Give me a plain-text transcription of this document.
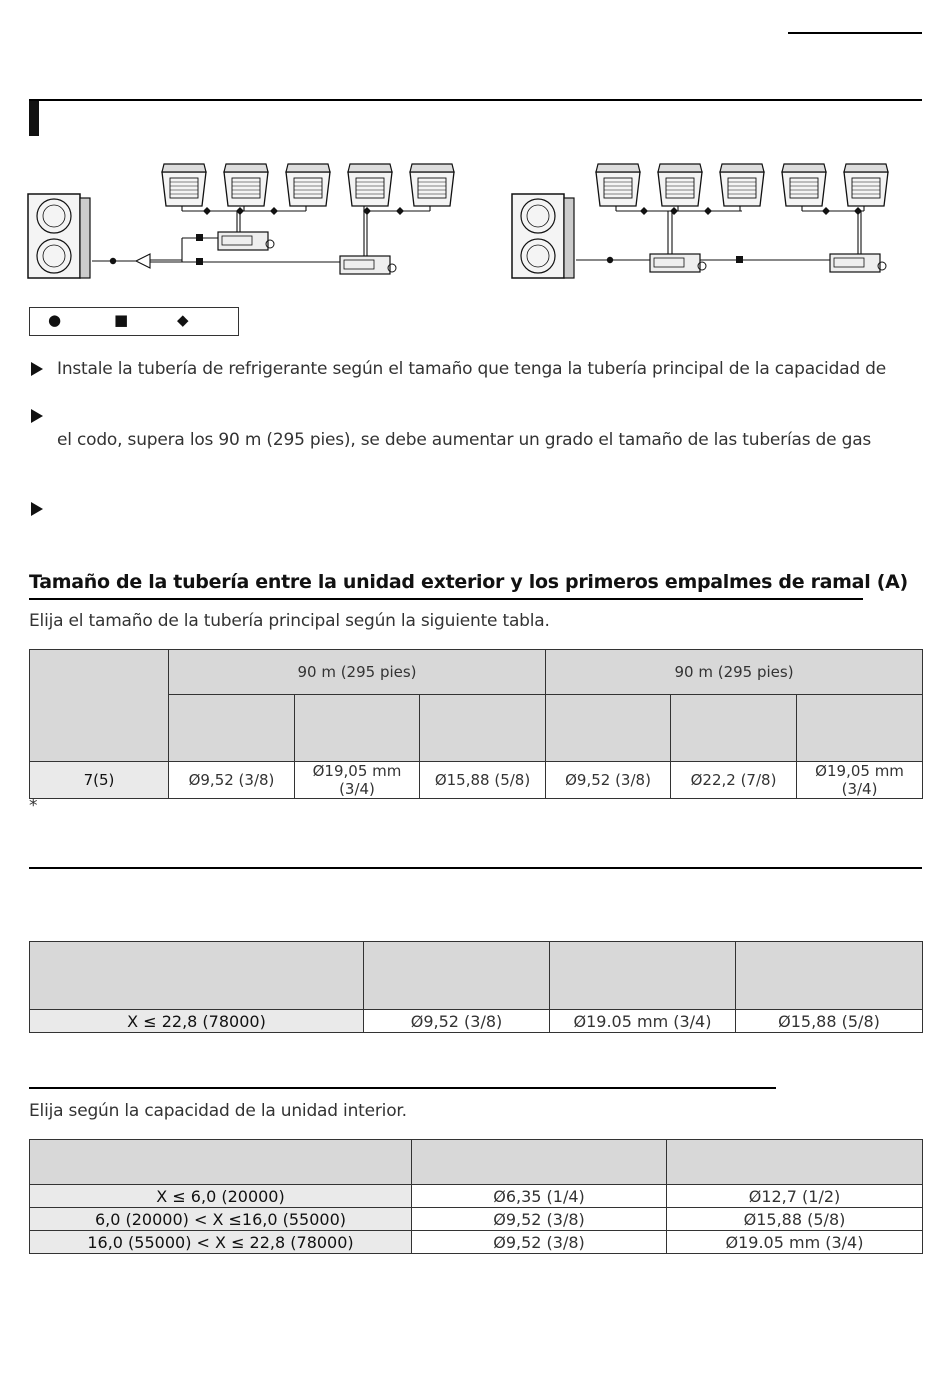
●	■	◆
Instale la tubería de refrigerante según el tamaño que tenga la tubería principal de la capacidad de
el codo, supera los 90 m (295 pies), se debe aumentar un grado el tamaño de las tuberías de gas
Tamaño de la tubería entre la unidad exterior y los primeros empalmes de ramal (A)
Elija el tamaño de la tubería principal según la siguiente tabla.
	90 m (295 pies)			90 m (295 pies)		

7(5)	Ø9,52 (3/8)	Ø19,05 mm (3/4)	Ø15,88 (5/8)	Ø9,52 (3/8)	Ø22,2 (7/8)	Ø19,05 mm (3/4)
*

X ≤ 22,8 (78000)	Ø9,52 (3/8)	Ø19.05 mm (3/4)	Ø15,88 (5/8)
Elija según la capacidad de la unidad interior.

X ≤ 6,0 (20000)	Ø6,35 (1/4)	Ø12,7 (1/2)
6,0 (20000) < X ≤16,0 (55000)	Ø9,52 (3/8)	Ø15,88 (5/8)
16,0 (55000) < X ≤ 22,8 (78000)	Ø9,52 (3/8)	Ø19.05 mm (3/4)
